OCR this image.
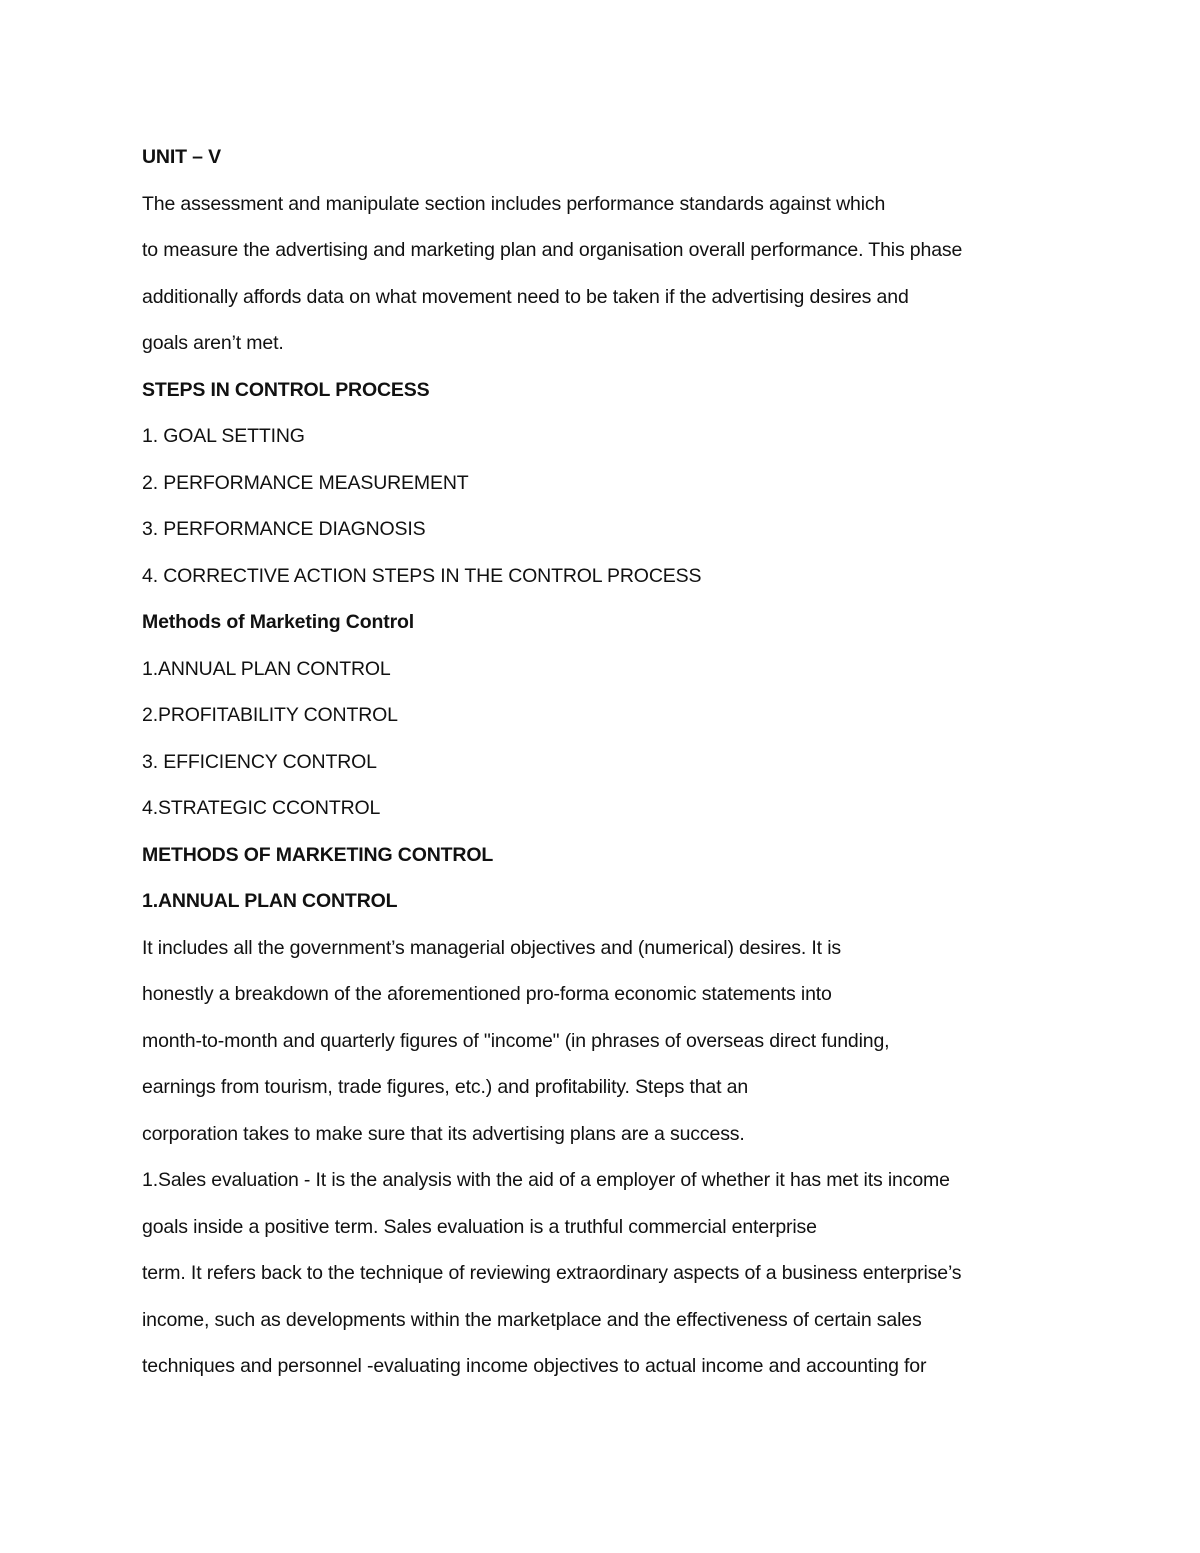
UNIT – V
The assessment and manipulate section includes performance standards against which
to measure the advertising and marketing plan and organisation overall performance. This phase
additionally affords data on what movement need to be taken if the advertising desires and
goals aren’t met.
STEPS IN CONTROL PROCESS
1. GOAL SETTING
2. PERFORMANCE MEASUREMENT
3. PERFORMANCE DIAGNOSIS
4. CORRECTIVE ACTION STEPS IN THE CONTROL PROCESS
Methods of Marketing Control
1.ANNUAL PLAN CONTROL
2.PROFITABILITY CONTROL
3. EFFICIENCY CONTROL
4.STRATEGIC CCONTROL
METHODS OF MARKETING CONTROL
1.ANNUAL PLAN CONTROL
It includes all the government’s managerial objectives and (numerical) desires. It is
honestly a breakdown of the aforementioned pro-forma economic statements into
month-to-month and quarterly figures of "income" (in phrases of overseas direct funding,
earnings from tourism, trade figures, etc.) and profitability. Steps that an
corporation takes to make sure that its advertising plans are a success.
1.Sales evaluation - It is the analysis with the aid of a employer of whether it has met its income
goals inside a positive term. Sales evaluation is a truthful commercial enterprise
term. It refers back to the technique of reviewing extraordinary aspects of a business enterprise’s
income, such as developments within the marketplace and the effectiveness of certain sales
techniques and personnel -evaluating income objectives to actual income and accounting for
